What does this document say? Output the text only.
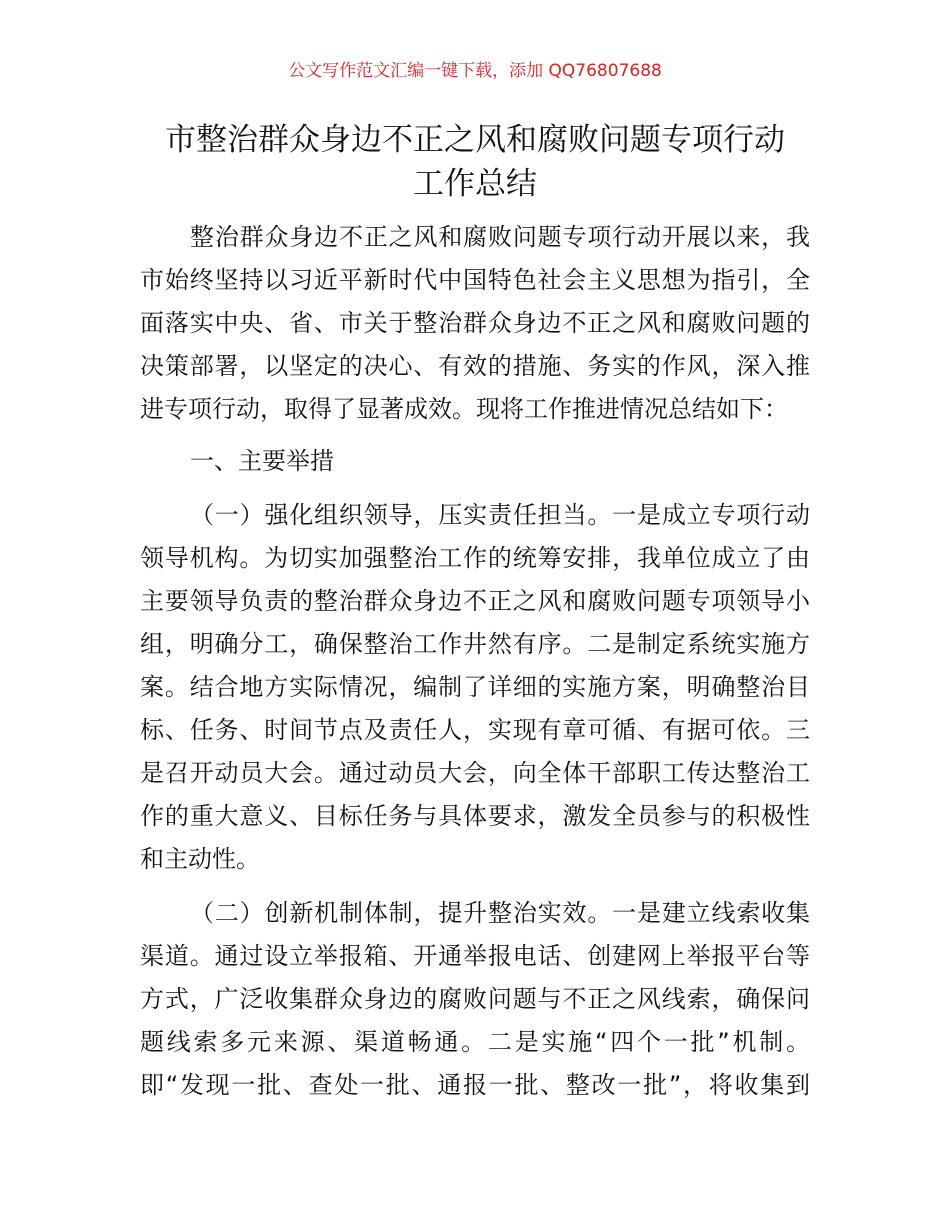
公文写作范文汇编一键下载，添加 QQ76807688
市整治群众身边不正之风和腐败问题专项行动
工作总结
整治群众身边不正之风和腐败问题专项行动开展以来，我
市始终坚持以习近平新时代中国特色社会主义思想为指引，全
面落实中央、省、市关于整治群众身边不正之风和腐败问题的
决策部署，以坚定的决心、有效的措施、务实的作风，深入推
进专项行动，取得了显著成效。现将工作推进情况总结如下：
一、主要举措
（一）强化组织领导，压实责任担当。一是成立专项行动
领导机构。为切实加强整治工作的统筹安排，我单位成立了由
主要领导负责的整治群众身边不正之风和腐败问题专项领导小
组，明确分工，确保整治工作井然有序。二是制定系统实施方
案。结合地方实际情况，编制了详细的实施方案，明确整治目
标、任务、时间节点及责任人，实现有章可循、有据可依。三
是召开动员大会。通过动员大会，向全体干部职工传达整治工
作的重大意义、目标任务与具体要求，激发全员参与的积极性
和主动性。
（二）创新机制体制，提升整治实效。一是建立线索收集
渠道。通过设立举报箱、开通举报电话、创建网上举报平台等
方式，广泛收集群众身边的腐败问题与不正之风线索，确保问
题线索多元来源、渠道畅通。二是实施“四个一批”机制。
即“发现一批、查处一批、通报一批、整改一批”，将收集到
